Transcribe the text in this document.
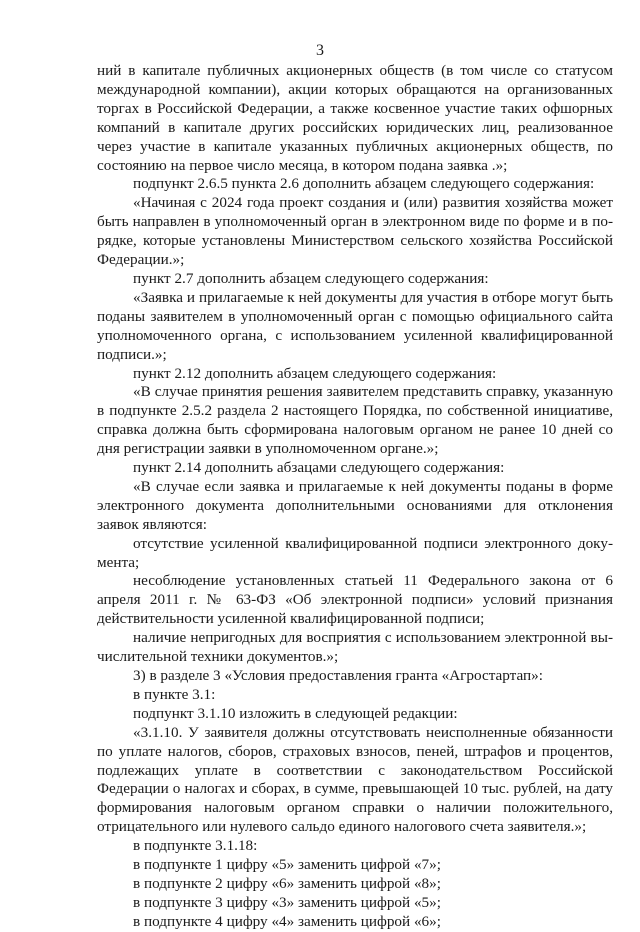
3

ний в капитале публичных акционерных обществ (в том числе со статусом международной компании), акции которых обращаются на организованных торгах в Российской Федерации, а также косвенное участие таких офшорных компаний в капитале других российских юридических лиц, реализованное через участие в капитале указанных публичных акционерных обществ, по состоянию на первое число месяца, в котором подана заявка .»;

подпункт 2.6.5 пункта 2.6 дополнить абзацем следующего содержания:

«Начиная с 2024 года проект создания и (или) развития хозяйства может быть направлен в уполномоченный орган в электронном виде по форме и в порядке, которые установлены Министерством сельского хозяйства Российской Федерации.»;

пункт 2.7 дополнить абзацем следующего содержания:

«Заявка и прилагаемые к ней документы для участия в отборе могут быть поданы заявителем в уполномоченный орган с помощью официального сайта уполномоченного органа, с использованием усиленной квалифицированной подписи.»;

пункт 2.12 дополнить абзацем следующего содержания:

«В случае принятия решения заявителем представить справку, указанную в подпункте 2.5.2 раздела 2 настоящего Порядка, по собственной инициативе, справка должна быть сформирована налоговым органом не ранее 10 дней со дня регистрации заявки в уполномоченном органе.»;

пункт 2.14 дополнить абзацами следующего содержания:

«В случае если заявка и прилагаемые к ней документы поданы в форме электронного документа дополнительными основаниями для отклонения заявок являются:

отсутствие усиленной квалифицированной подписи электронного документа;

несоблюдение установленных статьей 11 Федерального закона от 6 апреля 2011 г. № 63-ФЗ «Об электронной подписи» условий признания действительности усиленной квалифицированной подписи;

наличие непригодных для восприятия с использованием электронной вычислительной техники документов.»;

3) в разделе 3 «Условия предоставления гранта «Агростартап»:

в пункте 3.1:

подпункт 3.1.10 изложить в следующей редакции:

«3.1.10. У заявителя должны отсутствовать неисполненные обязанности по уплате налогов, сборов, страховых взносов, пеней, штрафов и процентов, подлежащих уплате в соответствии с законодательством Российской Федерации о налогах и сборах, в сумме, превышающей 10 тыс. рублей, на дату формирования налоговым органом справки о наличии положительного, отрицательного или нулевого сальдо единого налогового счета заявителя.»;

в подпункте 3.1.18:

в подпункте 1 цифру «5» заменить цифрой «7»;

в подпункте 2 цифру «6» заменить цифрой «8»;

в подпункте 3 цифру «3» заменить цифрой «5»;

в подпункте 4 цифру «4» заменить цифрой «6»;
